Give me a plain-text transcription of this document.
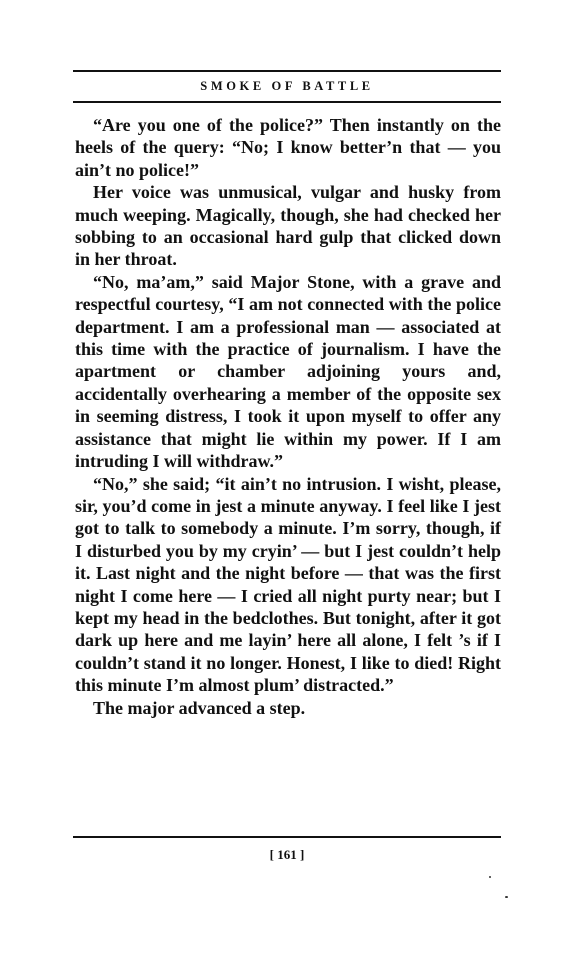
SMOKE OF BATTLE

“Are you one of the police?” Then instantly on the heels of the query: “No; I know better’n that — you ain’t no police!”

Her voice was unmusical, vulgar and husky from much weeping. Magically, though, she had checked her sobbing to an occasional hard gulp that clicked down in her throat.

“No, ma’am,” said Major Stone, with a grave and respectful courtesy, “I am not connected with the police department. I am a professional man — associated at this time with the practice of journalism. I have the apartment or chamber adjoining yours and, accidentally overhearing a member of the opposite sex in seeming distress, I took it upon myself to offer any assistance that might lie within my power. If I am intruding I will withdraw.”

“No,” she said; “it ain’t no intrusion. I wisht, please, sir, you’d come in jest a minute anyway. I feel like I jest got to talk to somebody a minute. I’m sorry, though, if I disturbed you by my cryin’ — but I jest couldn’t help it. Last night and the night before — that was the first night I come here — I cried all night purty near; but I kept my head in the bedclothes. But tonight, after it got dark up here and me layin’ here all alone, I felt ’s if I couldn’t stand it no longer. Honest, I like to died! Right this minute I’m almost plum’ distracted.”

The major advanced a step.

[ 161 ]
